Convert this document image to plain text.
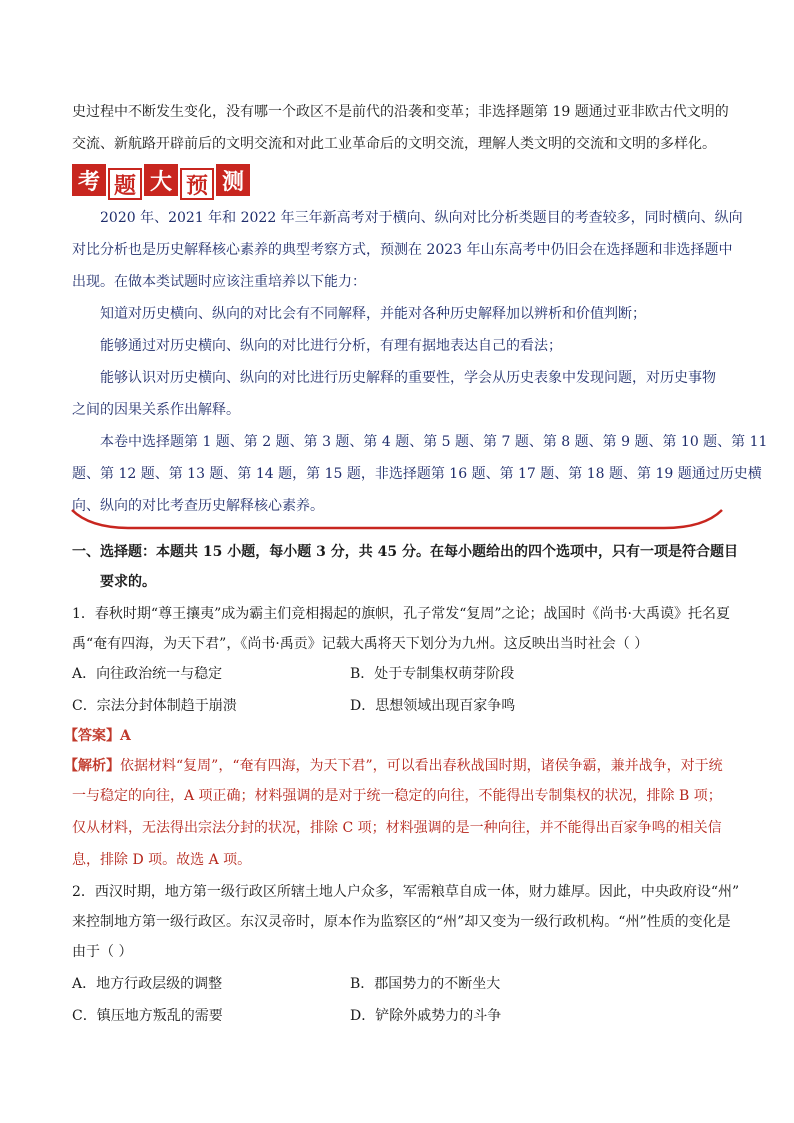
史过程中不断发生变化，没有哪一个政区不是前代的沿袭和变革；非选择题第 19 题通过亚非欧古代文明的
交流、新航路开辟前后的文明交流和对此工业革命后的文明交流，理解人类文明的交流和文明的多样化。
考 题 大 预 测
2020 年、2021 年和 2022 年三年新高考对于横向、纵向对比分析类题目的考查较多，同时横向、纵向
对比分析也是历史解释核心素养的典型考察方式，预测在 2023 年山东高考中仍旧会在选择题和非选择题中
出现。在做本类试题时应该注重培养以下能力：
知道对历史横向、纵向的对比会有不同解释，并能对各种历史解释加以辨析和价值判断；
能够通过对历史横向、纵向的对比进行分析，有理有据地表达自己的看法；
能够认识对历史横向、纵向的对比进行历史解释的重要性，学会从历史表象中发现问题，对历史事物
之间的因果关系作出解释。
本卷中选择题第 1 题、第 2 题、第 3 题、第 4 题、第 5 题、第 7 题、第 8 题、第 9 题、第 10 题、第 11
题、第 12 题、第 13 题、第 14 题，第 15 题，非选择题第 16 题、第 17 题、第 18 题、第 19 题通过历史横
向、纵向的对比考查历史解释核心素养。
一、选择题：本题共 15 小题，每小题 3 分，共 45 分。在每小题给出的四个选项中，只有一项是符合题目
要求的。
1．春秋时期“尊王攘夷”成为霸主们竞相揭起的旗帜，孔子常发“复周”之论；战国时《尚书·大禹谟》托名夏
禹“奄有四海，为天下君”，《尚书·禹贡》记载大禹将天下划分为九州。这反映出当时社会（ ）
A．向往政治统一与稳定	B．处于专制集权萌芽阶段
C．宗法分封体制趋于崩溃	D．思想领域出现百家争鸣
【答案】A
【解析】依据材料“复周”，“奄有四海，为天下君”，可以看出春秋战国时期，诸侯争霸，兼并战争，对于统
一与稳定的向往，A 项正确；材料强调的是对于统一稳定的向往，不能得出专制集权的状况，排除 B 项；
仅从材料，无法得出宗法分封的状况，排除 C 项；材料强调的是一种向往，并不能得出百家争鸣的相关信
息，排除 D 项。故选 A 项。
2．西汉时期，地方第一级行政区所辖土地人户众多，军需粮草自成一体，财力雄厚。因此，中央政府设“州”
来控制地方第一级行政区。东汉灵帝时，原本作为监察区的“州”却又变为一级行政机构。“州”性质的变化是
由于（ ）
A．地方行政层级的调整	B．郡国势力的不断坐大
C．镇压地方叛乱的需要	D．铲除外戚势力的斗争
